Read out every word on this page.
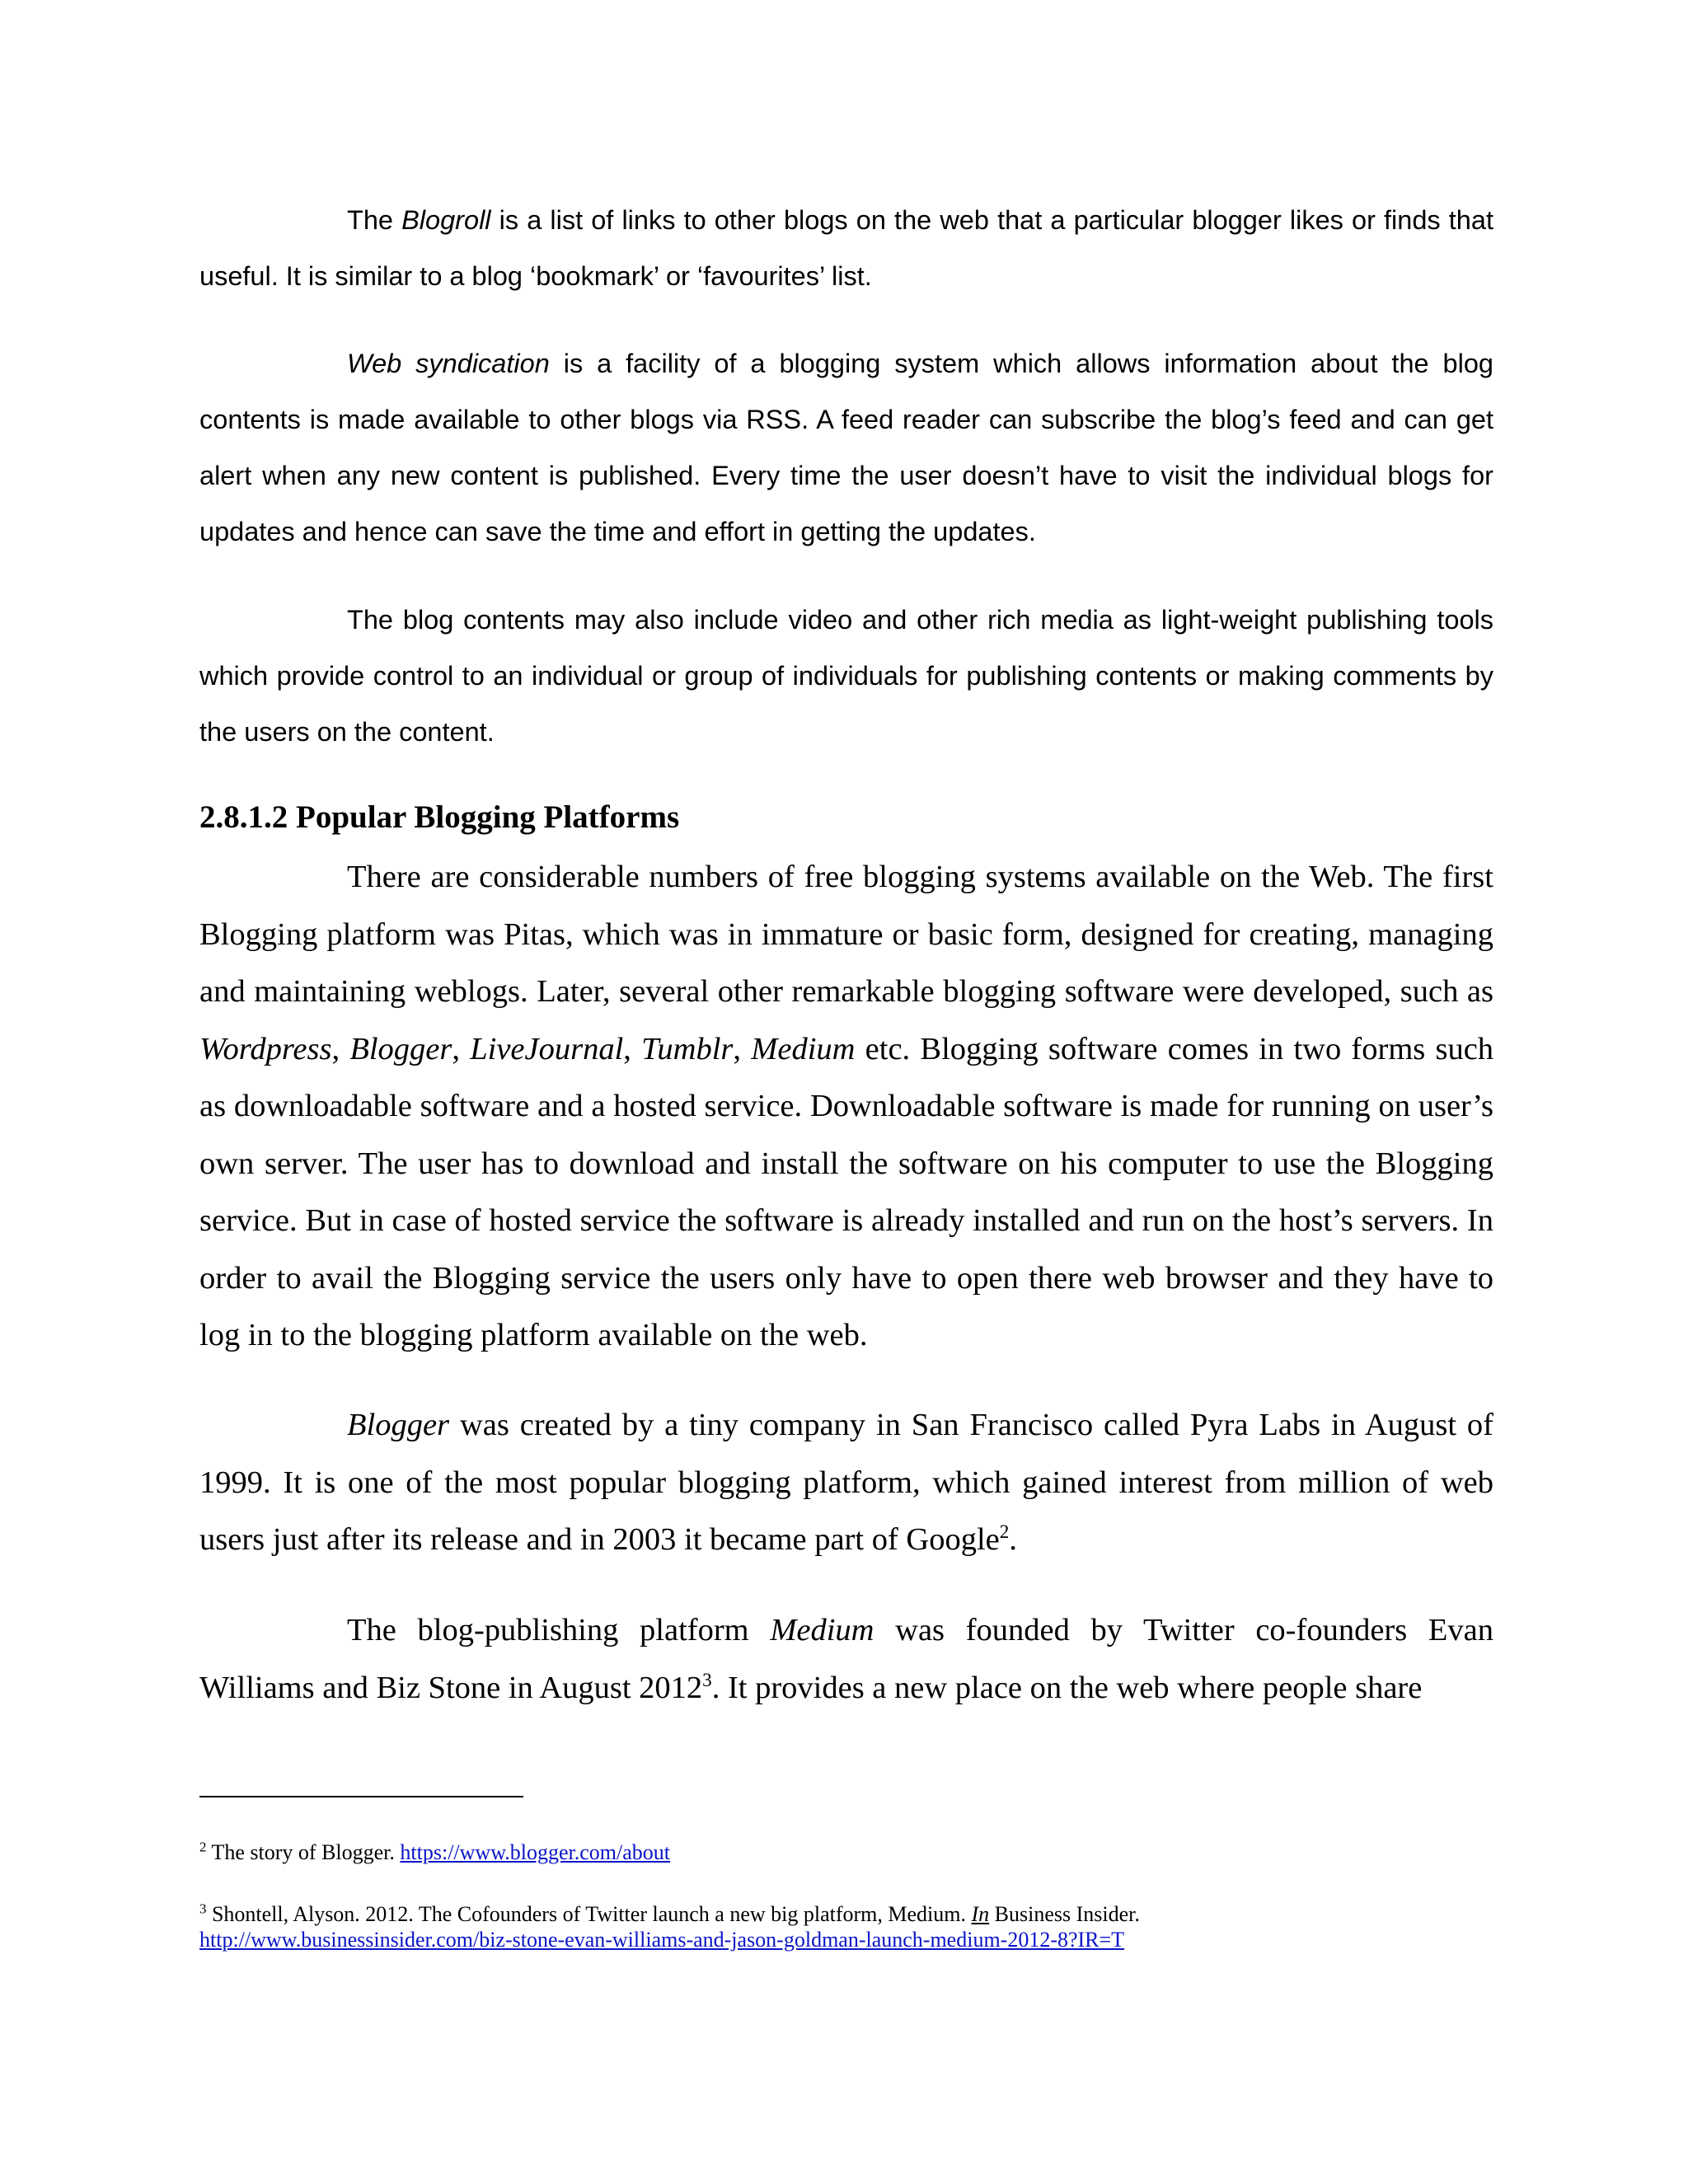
The Blogroll is a list of links to other blogs on the web that a particular blogger likes or finds that useful. It is similar to a blog ‘bookmark’ or ‘favourites’ list.

Web syndication is a facility of a blogging system which allows information about the blog contents is made available to other blogs via RSS. A feed reader can subscribe the blog’s feed and can get alert when any new content is published. Every time the user doesn’t have to visit the individual blogs for updates and hence can save the time and effort in getting the updates.

The blog contents may also include video and other rich media as light-weight publishing tools which provide control to an individual or group of individuals for publishing contents or making comments by the users on the content.

2.8.1.2 Popular Blogging Platforms

There are considerable numbers of free blogging systems available on the Web. The first Blogging platform was Pitas, which was in immature or basic form, designed for creating, managing and maintaining weblogs. Later, several other remarkable blogging software were developed, such as Wordpress, Blogger, LiveJournal, Tumblr, Medium etc. Blogging software comes in two forms such as downloadable software and a hosted service. Downloadable software is made for running on user’s own server. The user has to download and install the software on his computer to use the Blogging service. But in case of hosted service the software is already installed and run on the host’s servers. In order to avail the Blogging service the users only have to open there web browser and they have to log in to the blogging platform available on the web.

Blogger was created by a tiny company in San Francisco called Pyra Labs in August of 1999. It is one of the most popular blogging platform, which gained interest from million of web users just after its release and in 2003 it became part of Google$^2$.

The blog-publishing platform Medium was founded by Twitter co-founders Evan Williams and Biz Stone in August 2012$^3$. It provides a new place on the web where people share

$^2$ The story of Blogger. https://www.blogger.com/about
$^3$ Shontell, Alyson. 2012. The Cofounders of Twitter launch a new big platform, Medium. In Business Insider.
http://www.businessinsider.com/biz-stone-evan-williams-and-jason-goldman-launch-medium-2012-8?IR=T
